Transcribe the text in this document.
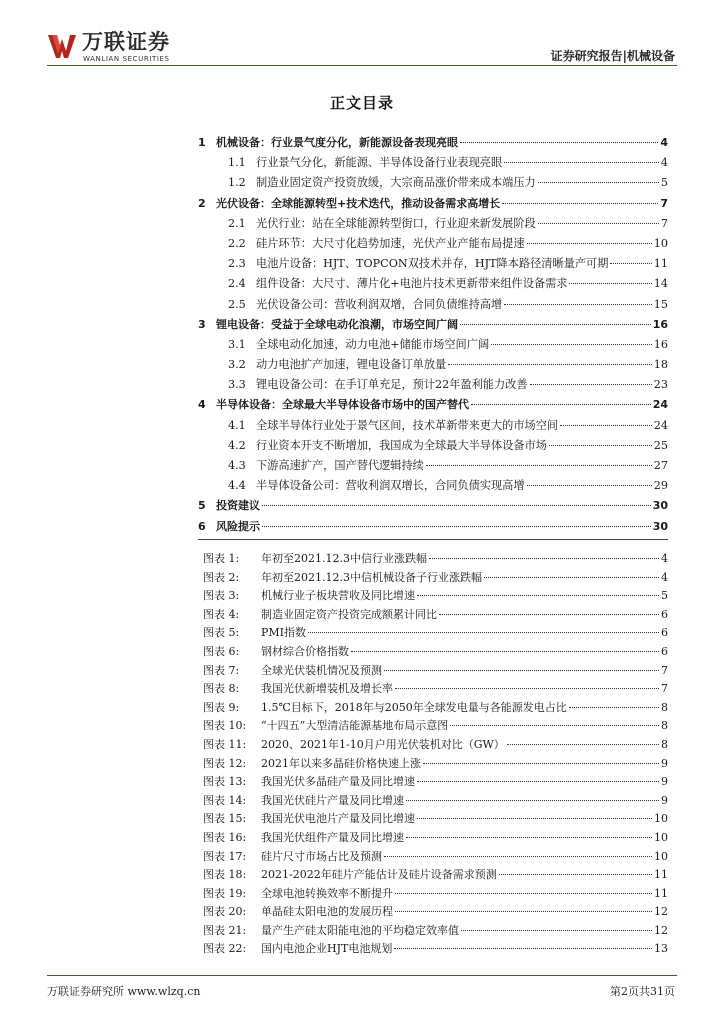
万联证券
WANLIAN SECURITIES	证券研究报告|机械设备
正文目录
1 机械设备：行业景气度分化，新能源设备表现亮眼	4
1.1 行业景气分化，新能源、半导体设备行业表现亮眼	4
1.2 制造业固定资产投资放缓，大宗商品涨价带来成本端压力	5
2 光伏设备：全球能源转型+技术迭代，推动设备需求高增长	7
2.1 光伏行业：站在全球能源转型街口，行业迎来新发展阶段	7
2.2 硅片环节：大尺寸化趋势加速，光伏产业产能布局提速	10
2.3 电池片设备：HJT、TOPCON双技术并存，HJT降本路径清晰量产可期	11
2.4 组件设备：大尺寸、薄片化+电池片技术更新带来组件设备需求	14
2.5 光伏设备公司：营收利润双增，合同负债维持高增	15
3 锂电设备：受益于全球电动化浪潮，市场空间广阔	16
3.1 全球电动化加速，动力电池+储能市场空间广阔	16
3.2 动力电池扩产加速，锂电设备订单放量	18
3.3 锂电设备公司：在手订单充足，预计22年盈利能力改善	23
4 半导体设备：全球最大半导体设备市场中的国产替代	24
4.1 全球半导体行业处于景气区间，技术革新带来更大的市场空间	24
4.2 行业资本开支不断增加，我国成为全球最大半导体设备市场	25
4.3 下游高速扩产，国产替代逻辑持续	27
4.4 半导体设备公司：营收利润双增长，合同负债实现高增	29
5 投资建议	30
6 风险提示	30
图表 1:	年初至2021.12.3中信行业涨跌幅	4
图表 2:	年初至2021.12.3中信机械设备子行业涨跌幅	4
图表 3:	机械行业子板块营收及同比增速	5
图表 4:	制造业固定资产投资完成额累计同比	6
图表 5:	PMI指数	6
图表 6:	钢材综合价格指数	6
图表 7:	全球光伏装机情况及预测	7
图表 8:	我国光伏新增装机及增长率	7
图表 9:	1.5℃目标下，2018年与2050年全球发电量与各能源发电占比	8
图表 10:	“十四五”大型清洁能源基地布局示意图	8
图表 11:	2020、2021年1-10月户用光伏装机对比（GW）	8
图表 12:	2021年以来多晶硅价格快速上涨	9
图表 13:	我国光伏多晶硅产量及同比增速	9
图表 14:	我国光伏硅片产量及同比增速	9
图表 15:	我国光伏电池片产量及同比增速	10
图表 16:	我国光伏组件产量及同比增速	10
图表 17:	硅片尺寸市场占比及预测	10
图表 18:	2021-2022年硅片产能估计及硅片设备需求预测	11
图表 19:	全球电池转换效率不断提升	11
图表 20:	单晶硅太阳电池的发展历程	12
图表 21:	量产生产硅太阳能电池的平均稳定效率值	12
图表 22:	国内电池企业HJT电池规划	13
万联证券研究所 www.wlzq.cn	第2页共31页
